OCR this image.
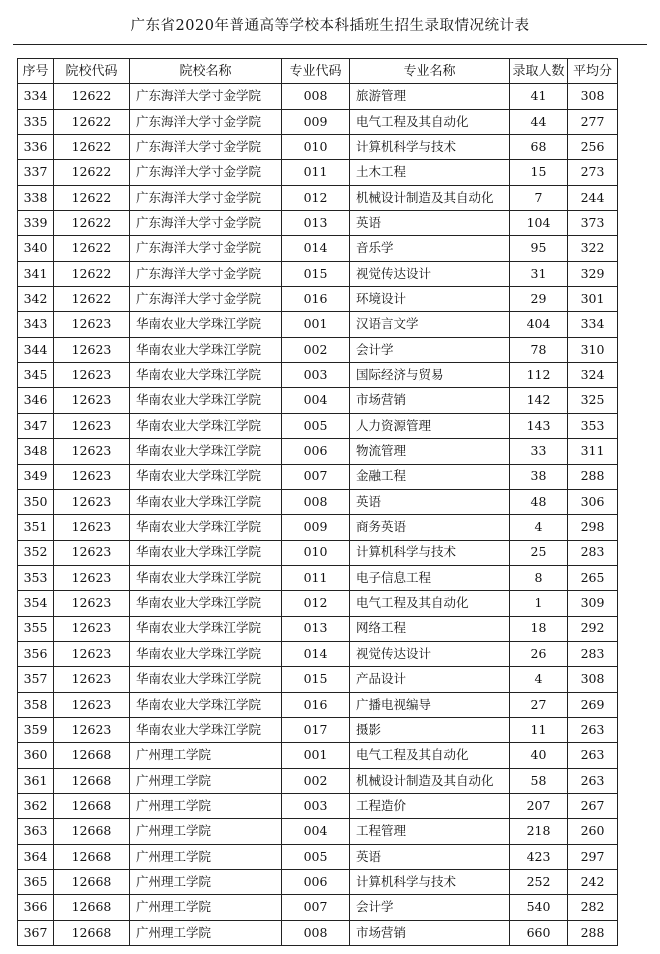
广东省2020年普通高等学校本科插班生招生录取情况统计表
序号	院校代码	院校名称	专业代码	专业名称	录取人数	平均分
334	12622	广东海洋大学寸金学院	008	旅游管理	41	308
335	12622	广东海洋大学寸金学院	009	电气工程及其自动化	44	277
336	12622	广东海洋大学寸金学院	010	计算机科学与技术	68	256
337	12622	广东海洋大学寸金学院	011	土木工程	15	273
338	12622	广东海洋大学寸金学院	012	机械设计制造及其自动化	7	244
339	12622	广东海洋大学寸金学院	013	英语	104	373
340	12622	广东海洋大学寸金学院	014	音乐学	95	322
341	12622	广东海洋大学寸金学院	015	视觉传达设计	31	329
342	12622	广东海洋大学寸金学院	016	环境设计	29	301
343	12623	华南农业大学珠江学院	001	汉语言文学	404	334
344	12623	华南农业大学珠江学院	002	会计学	78	310
345	12623	华南农业大学珠江学院	003	国际经济与贸易	112	324
346	12623	华南农业大学珠江学院	004	市场营销	142	325
347	12623	华南农业大学珠江学院	005	人力资源管理	143	353
348	12623	华南农业大学珠江学院	006	物流管理	33	311
349	12623	华南农业大学珠江学院	007	金融工程	38	288
350	12623	华南农业大学珠江学院	008	英语	48	306
351	12623	华南农业大学珠江学院	009	商务英语	4	298
352	12623	华南农业大学珠江学院	010	计算机科学与技术	25	283
353	12623	华南农业大学珠江学院	011	电子信息工程	8	265
354	12623	华南农业大学珠江学院	012	电气工程及其自动化	1	309
355	12623	华南农业大学珠江学院	013	网络工程	18	292
356	12623	华南农业大学珠江学院	014	视觉传达设计	26	283
357	12623	华南农业大学珠江学院	015	产品设计	4	308
358	12623	华南农业大学珠江学院	016	广播电视编导	27	269
359	12623	华南农业大学珠江学院	017	摄影	11	263
360	12668	广州理工学院	001	电气工程及其自动化	40	263
361	12668	广州理工学院	002	机械设计制造及其自动化	58	263
362	12668	广州理工学院	003	工程造价	207	267
363	12668	广州理工学院	004	工程管理	218	260
364	12668	广州理工学院	005	英语	423	297
365	12668	广州理工学院	006	计算机科学与技术	252	242
366	12668	广州理工学院	007	会计学	540	282
367	12668	广州理工学院	008	市场营销	660	288
